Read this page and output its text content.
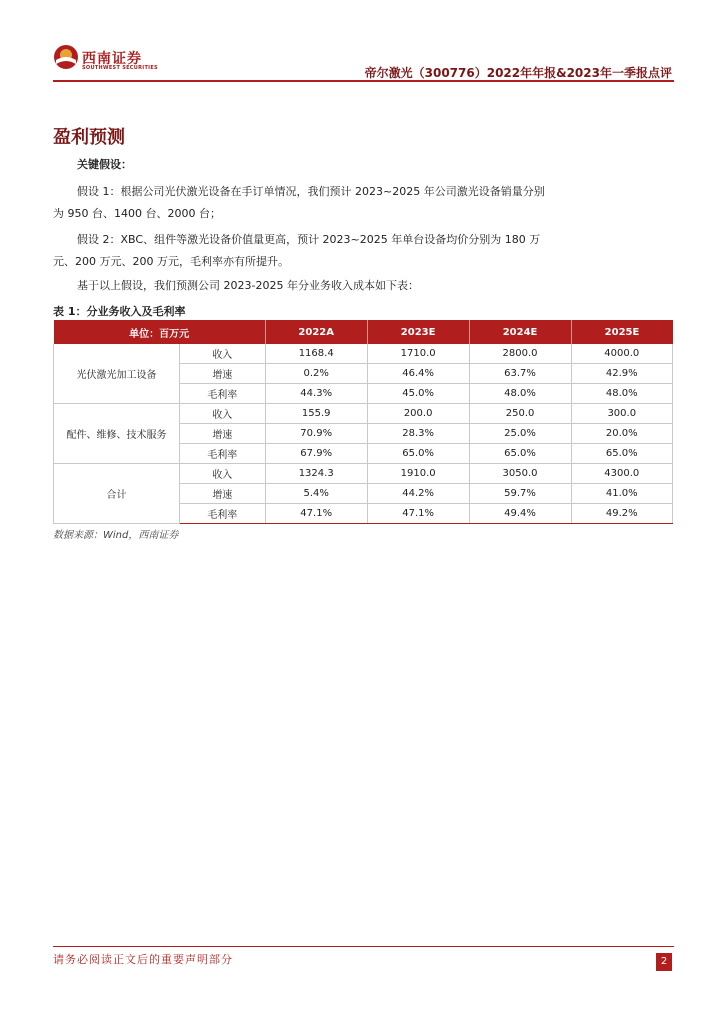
西南证券
SOUTHWEST SECURITIES	帝尔激光（300776）2022年年报&2023年一季报点评
盈利预测
关键假设：
假设 1：根据公司光伏激光设备在手订单情况，我们预计 2023~2025 年公司激光设备销量分别为 950 台、1400 台、2000 台；
假设 2：XBC、组件等激光设备价值量更高，预计 2023~2025 年单台设备均价分别为 180 万元、200 万元、200 万元，毛利率亦有所提升。
基于以上假设，我们预测公司 2023-2025 年分业务收入成本如下表：
表 1：分业务收入及毛利率
单位：百万元		2022A	2023E	2024E	2025E
光伏激光加工设备	收入	1168.4	1710.0	2800.0	4000.0
	增速	0.2%	46.4%	63.7%	42.9%
	毛利率	44.3%	45.0%	48.0%	48.0%
配件、维修、技术服务	收入	155.9	200.0	250.0	300.0
	增速	70.9%	28.3%	25.0%	20.0%
	毛利率	67.9%	65.0%	65.0%	65.0%
合计	收入	1324.3	1910.0	3050.0	4300.0
	增速	5.4%	44.2%	59.7%	41.0%
	毛利率	47.1%	47.1%	49.4%	49.2%
数据来源：Wind，西南证券
请务必阅读正文后的重要声明部分	2
